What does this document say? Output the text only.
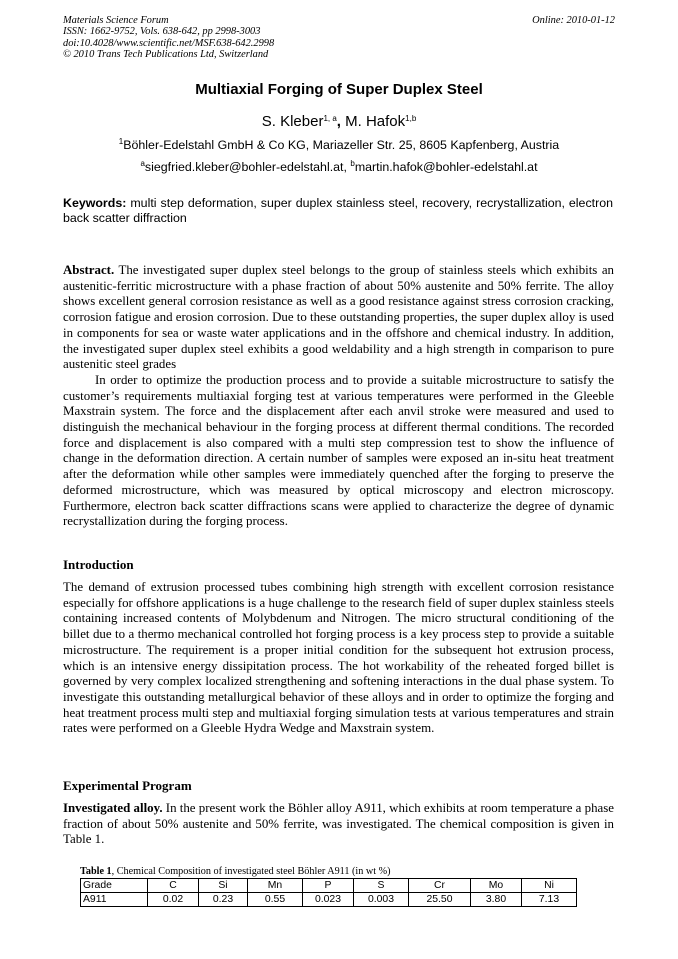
Materials Science Forum
ISSN: 1662-9752, Vols. 638-642, pp 2998-3003
doi:10.4028/www.scientific.net/MSF.638-642.2998
© 2010 Trans Tech Publications Ltd, Switzerland
Online: 2010-01-12
Multiaxial Forging of Super Duplex Steel
S. Kleber$^{1, a}$, M. Hafok$^{1,b}$
$^1$Böhler-Edelstahl GmbH & Co KG, Mariazeller Str. 25, 8605 Kapfenberg, Austria
$^a$siegfried.kleber@bohler-edelstahl.at, $^b$martin.hafok@bohler-edelstahl.at
Keywords: multi step deformation, super duplex stainless steel, recovery, recrystallization, electron back scatter diffraction

Abstract. The investigated super duplex steel belongs to the group of stainless steels which exhibits an austenitic-ferritic microstructure with a phase fraction of about 50% austenite and 50% ferrite. The alloy shows excellent general corrosion resistance as well as a good resistance against stress corrosion cracking, corrosion fatigue and erosion corrosion. Due to these outstanding properties, the super duplex alloy is used in components for sea or waste water applications and in the offshore and chemical industry. In addition, the investigated super duplex steel exhibits a good weldability and a high strength in comparison to pure austenitic steel grades

In order to optimize the production process and to provide a suitable microstructure to satisfy the customer’s requirements multiaxial forging test at various temperatures were performed in the Gleeble Maxstrain system. The force and the displacement after each anvil stroke were measured and used to distinguish the mechanical behaviour in the forging process at different thermal conditions. The recorded force and displacement is also compared with a multi step compression test to show the influence of change in the deformation direction. A certain number of samples were exposed an in-situ heat treatment after the deformation while other samples were immediately quenched after the forging to preserve the deformed microstructure, which was measured by optical microscopy and electron microscopy. Furthermore, electron back scatter diffractions scans were applied to characterize the degree of dynamic recrystallization during the forging process.

Introduction
The demand of extrusion processed tubes combining high strength with excellent corrosion resistance especially for offshore applications is a huge challenge to the research field of super duplex stainless steels containing increased contents of Molybdenum and Nitrogen. The micro structural conditioning of the billet due to a thermo mechanical controlled hot forging process is a key process step to provide a suitable microstructure. The requirement is a proper initial condition for the subsequent hot extrusion process, which is an intensive energy dissipitation process. The hot workability of the reheated forged billet is governed by very complex localized strengthening and softening interactions in the dual phase system. To investigate this outstanding metallurgical behavior of these alloys and in order to optimize the forging and heat treatment process multi step and multiaxial forging simulation tests at various temperatures and strain rates were performed on a Gleeble Hydra Wedge and Maxstrain system.
Experimental Program
Investigated alloy. In the present work the Böhler alloy A911, which exhibits at room temperature a phase fraction of about 50% austenite and 50% ferrite, was investigated. The chemical composition is given in Table 1.
Table 1, Chemical Composition of investigated steel Böhler A911 (in wt %)
Grade	C	Si	Mn	P	S	Cr	Mo	Ni
A911	0.02	0.23	0.55	0.023	0.003	25.50	3.80	7.13
